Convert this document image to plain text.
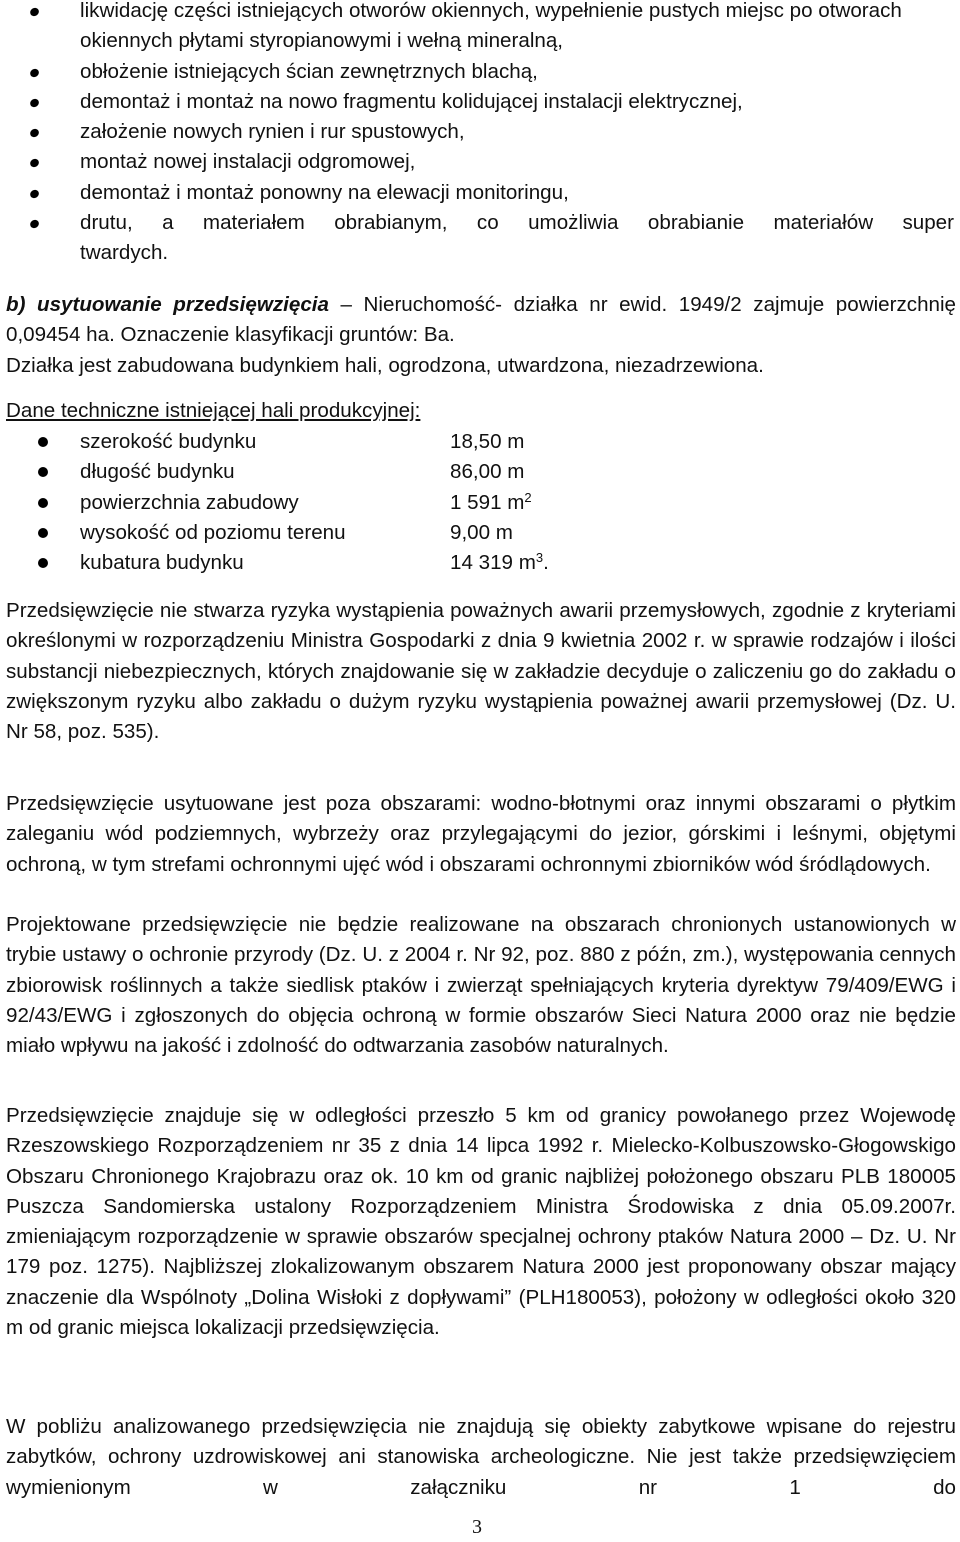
likwidację części istniejących otworów okiennych, wypełnienie pustych miejsc po otworach okiennych płytami styropianowymi i wełną mineralną,
obłożenie istniejących ścian zewnętrznych blachą,
demontaż i montaż na nowo fragmentu kolidującej instalacji elektrycznej,
założenie nowych rynien i rur spustowych,
montaż nowej instalacji odgromowej,
demontaż i montaż ponowny na elewacji monitoringu,
drutu, a materiałem obrabianym, co umożliwia obrabianie materiałów super
twardych.
b) usytuowanie przedsięwzięcia – Nieruchomość- działka nr ewid. 1949/2 zajmuje powierzchnię 0,09454 ha. Oznaczenie klasyfikacji gruntów: Ba.
Działka jest zabudowana budynkiem hali, ogrodzona, utwardzona, niezadrzewiona.
Dane techniczne istniejącej hali produkcyjnej:
szerokość budynku	18,50 m
długość budynku	86,00 m
powierzchnia zabudowy	1 591 $m^2$
wysokość od poziomu terenu	9,00 m
kubatura budynku	14 319 $m^3$.
Przedsięwzięcie nie stwarza ryzyka wystąpienia poważnych awarii przemysłowych, zgodnie z kryteriami określonymi w rozporządzeniu Ministra Gospodarki z dnia 9 kwietnia 2002 r. w sprawie rodzajów i ilości substancji niebezpiecznych, których znajdowanie się w zakładzie decyduje o zaliczeniu go do zakładu o zwiększonym ryzyku albo zakładu o dużym ryzyku wystąpienia poważnej awarii przemysłowej (Dz. U. Nr 58, poz. 535).
Przedsięwzięcie usytuowane jest poza obszarami: wodno-błotnymi oraz innymi obszarami o płytkim zaleganiu wód podziemnych, wybrzeży oraz przylegającymi do jezior, górskimi i leśnymi, objętymi ochroną, w tym strefami ochronnymi ujęć wód i obszarami ochronnymi zbiorników wód śródlądowych.
Projektowane przedsięwzięcie nie będzie realizowane na obszarach chronionych ustanowionych w trybie ustawy o ochronie przyrody (Dz. U. z 2004 r. Nr 92, poz. 880 z późn, zm.), występowania cennych zbiorowisk roślinnych a także siedlisk ptaków i zwierząt spełniających kryteria dyrektyw 79/409/EWG i 92/43/EWG i zgłoszonych do objęcia ochroną w formie obszarów Sieci Natura 2000 oraz nie będzie miało wpływu na jakość i zdolność do odtwarzania zasobów naturalnych.
Przedsięwzięcie znajduje się w odległości przeszło 5 km od granicy powołanego przez Wojewodę Rzeszowskiego Rozporządzeniem nr 35 z dnia 14 lipca 1992 r. Mielecko-Kolbuszowsko-Głogowskigo Obszaru Chronionego Krajobrazu oraz ok. 10 km od granic najbliżej położonego obszaru PLB 180005 Puszcza Sandomierska ustalony Rozporządzeniem Ministra Środowiska z dnia 05.09.2007r. zmieniającym rozporządzenie w sprawie obszarów specjalnej ochrony ptaków Natura 2000 – Dz. U. Nr 179 poz. 1275). Najbliższej zlokalizowanym obszarem Natura 2000 jest proponowany obszar mający znaczenie dla Wspólnoty „Dolina Wisłoki z dopływami” (PLH180053), położony w odległości około 320 m od granic miejsca lokalizacji przedsięwzięcia.
W pobliżu analizowanego przedsięwzięcia nie znajdują się obiekty zabytkowe wpisane do rejestru zabytków, ochrony uzdrowiskowej ani stanowiska archeologiczne. Nie jest także przedsięwzięciem wymienionym w załączniku nr 1 do
3
